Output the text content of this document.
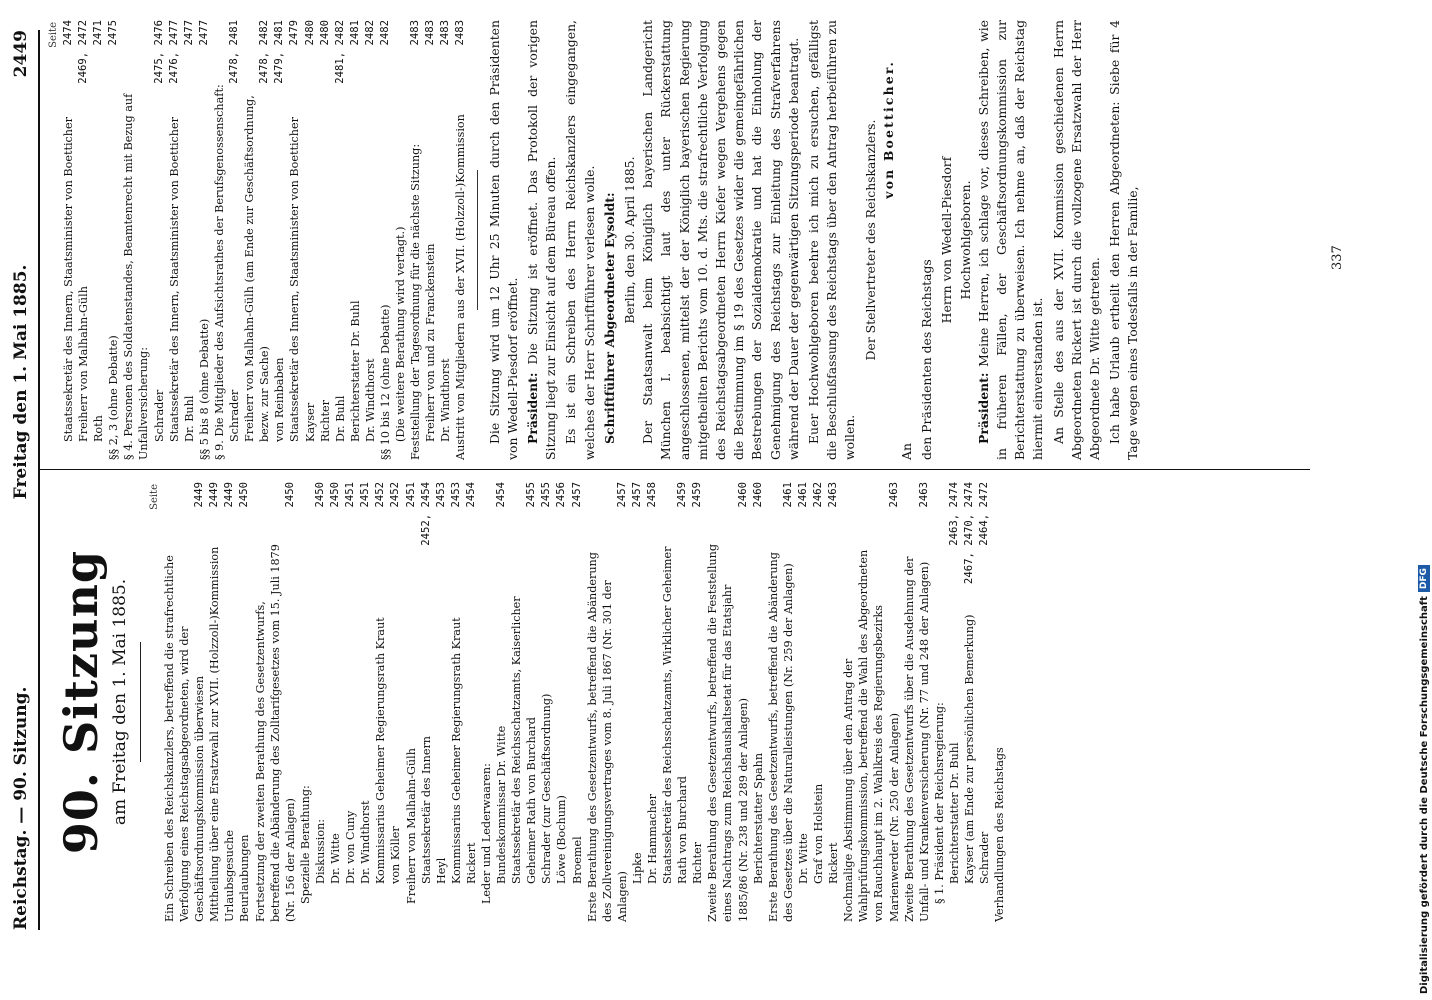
Reichstag. — 90. Sitzung.
Freitag den 1. Mai 1885.
2449
90. Sitzung am Freitag den 1. Mai 1885.
Seite
Ein Schreiben des Reichskanzlers, betreffend die strafrechtliche Verfolgung eines Reichstagsabgeordneten, wird der Geschäftsordnungskommission überwiesen
2449
Mittheilung über eine Ersatzwahl zur XVII. (Holzzoll-)Kommission
2449
Urlaubsgesuche
2449
Beurlaubungen
2450
Fortsetzung der zweiten Berathung des Gesetzentwurfs, betreffend die Abänderung des Zolltarifgesetzes vom 15. Juli 1879 (Nr. 156 der Anlagen)
2450
Spezielle Berathung: Diskussion:
2450
Dr. Witte
2450
Dr. von Cuny
2451
Dr. Windthorst
2451
Kommissarius Geheimer Regierungsrath Kraut
2452
von Köller
2452
Freiherr von Malhahn-Gülh
2451
Staatssekretär des Innern
2452, 2454
Heyl
2453
Kommissarius Geheimer Regierungsrath Kraut
2453
Rickert
2454
Leder und Lederwaaren: Bundeskommissar Dr. Witte
2454
Staatssekretär des Reichsschatzamts, Kaiserlicher Geheimer Rath von Burchard
2455
Schrader (zur Geschäftsordnung)
2455
Löwe (Bochum)
2456
Broemel
2457
Erste Berathung des Gesetzentwurfs, betreffend die Abänderung des Zollvereinigungsvertrages vom 8. Juli 1867 (Nr. 301 der Anlagen)
2457
Lipke
2457
Dr. Hammacher
2458
Staatssekretär des Reichsschatzamts, Wirklicher Geheimer Rath von Burchard
2459
Richter
2459
Zweite Berathung des Gesetzentwurfs, betreffend die Feststellung eines Nachtrags zum Reichshaushaltsetat für das Etatsjahr 1885/86 (Nr. 238 und 289 der Anlagen)
2460
Berichterstatter Spahn
2460
Erste Berathung des Gesetzentwurfs, betreffend die Abänderung des Gesetzes über die Naturalleistungen (Nr. 259 der Anlagen)
2461
Dr. Witte
2461
Graf von Holstein
2462
Rickert
2463
Nochmalige Abstimmung über den Antrag der Wahlprüfungskommission, betreffend die Wahl des Abgeordneten von Rauchhaupt im 2. Wahlkreis des Regierungsbezirks Marienwerder (Nr. 250 der Anlagen)
2463
Zweite Berathung des Gesetzentwurfs über die Ausdehnung der Unfall- und Krankenversicherung (Nr. 77 und 248 der Anlagen)
2463
§ 1. Präsident der Reichsregierung: Berichterstatter Dr. Buhl
2463, 2474
Kayser (am Ende zur persönlichen Bemerkung)
2467, 2470, 2474
Schrader
2464, 2472
Verhandlungen des Reichstags
Seite
Staatssekretär des Innern, Staatsminister von Boetticher
2474
Freiherr von Malhahn-Gülh
2469, 2472
Roth
2471
§§ 2, 3 (ohne Debatte)
2475
§ 4. Personen des Soldatenstandes, Beamtenrecht mit Bezug auf Unfallversicherung: Schrader
2475, 2476
Staatssekretär des Innern, Staatsminister von Boetticher
2476, 2477
Dr. Buhl
2477
§§ 5 bis 8 (ohne Debatte)
2477
§ 9. Die Mitglieder des Aufsichtsrathes der Berufsgenossenschaft: Schrader
2478, 2481
Freiherr von Malhahn-Gülh (am Ende zur Geschäftsordnung, bezw. zur Sache)
2478, 2482
von Reinbaben
2479, 2481
Staatssekretär des Innern, Staatsminister von Boetticher
2479
Kayser
2480
Richter
2480
Dr. Buhl
2481, 2482
Berichterstatter Dr. Buhl
2481
Dr. Windthorst
2482
§§ 10 bis 12 (ohne Debatte)
2482
(Die weitere Berathung wird vertagt.) Feststellung der Tagesordnung für die nächste Sitzung:
2483
Freiherr von und zu Franckenstein
2483
Dr. Windthorst
2483
Austritt von Mitgliedern aus der XVII. (Holzzoll-)Kommission
2483 Die Sitzung wird um 12 Uhr 25 Minuten durch den Präsidenten von Wedell-Piesdorf eröffnet. Präsident: Die Sitzung ist eröffnet. Das Protokoll der vorigen Sitzung liegt zur Einsicht auf dem Büreau offen. Es ist ein Schreiben des Herrn Reichskanzlers eingegangen, welches der Herr Schriftführer verlesen wolle. Schriftführer Abgeordneter Eysoldt: Berlin, den 30. April 1885. Der Staatsanwalt beim Königlich bayerischen Landgericht München I. beabsichtigt laut des unter Rückerstattung angeschlossenen, mittelst der der Königlich bayerischen Regierung mitgetheilten Berichts vom 10. d. Mts. die strafrechtliche Verfolgung des Reichstagsabgeordneten Herrn Kiefer wegen Vergehens gegen die Bestimmung im § 19 des Gesetzes wider die gemeingefährlichen Bestrebungen der Sozialdemokratie und hat die Einholung der Genehmigung des Reichstags zur Einleitung des Strafverfahrens während der Dauer der gegenwärtigen Sitzungsperiode beantragt. Euer Hochwohlgeboren beehre ich mich zu ersuchen, gefälligst die Beschlußfassung des Reichstags über den Antrag herbeiführen zu wollen.

Der Stellvertreter des Reichskanzlers. von Boetticher.

An den Präsidenten des Reichstags

Herrn von Wedell-Piesdorf Hochwohlgeboren.

Präsident: Meine Herren, ich schlage vor, dieses Schreiben, wie in früheren Fällen, der Geschäftsordnungskommission zur Berichterstattung zu überweisen. Ich nehme an, daß der Reichstag hiermit einverstanden ist. An Stelle des aus der XVII. Kommission geschiedenen Herrn Abgeordneten Rickert ist durch die vollzogene Ersatzwahl der Herr Abgeordnete Dr. Witte getreten. Ich habe Urlaub ertheilt den Herren Abgeordneten: Siebe für 4 Tage wegen eines Todesfalls in der Familie,	337
Digitalisierung gefördert durch die Deutsche Forschungsgemeinschaft
DFG
